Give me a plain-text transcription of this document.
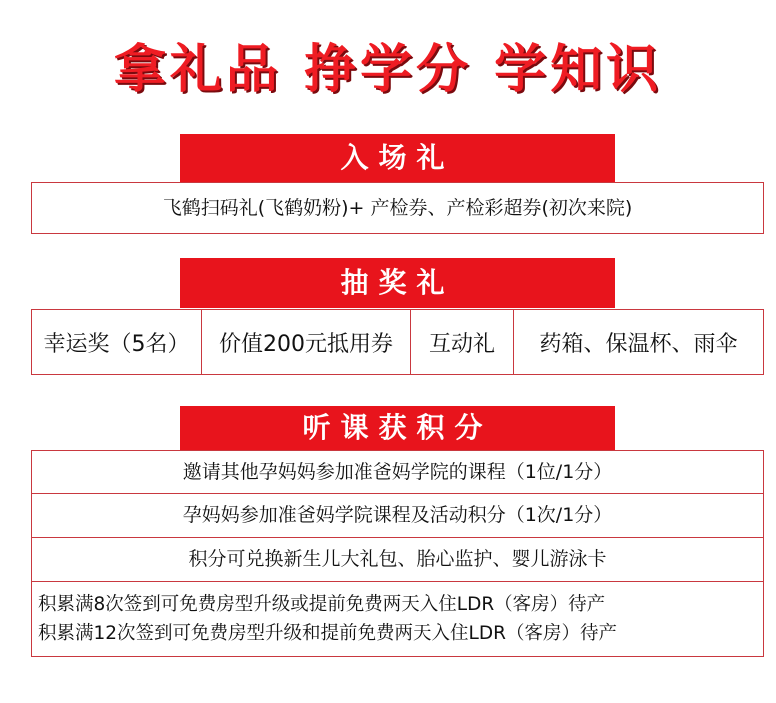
拿礼品 挣学分 学知识
入场礼
飞鹤扫码礼(飞鹤奶粉)+ 产检券、产检彩超券(初次来院)
抽奖礼
幸运奖（5名） 价值200元抵用券 互动礼 药箱、保温杯、雨伞
听课获积分
邀请其他孕妈妈参加准爸妈学院的课程（1位/1分）
孕妈妈参加准爸妈学院课程及活动积分（1次/1分）
积分可兑换新生儿大礼包、胎心监护、婴儿游泳卡
积累满8次签到可免费房型升级或提前免费两天入住LDR（客房）待产
积累满12次签到可免费房型升级和提前免费两天入住LDR（客房）待产
